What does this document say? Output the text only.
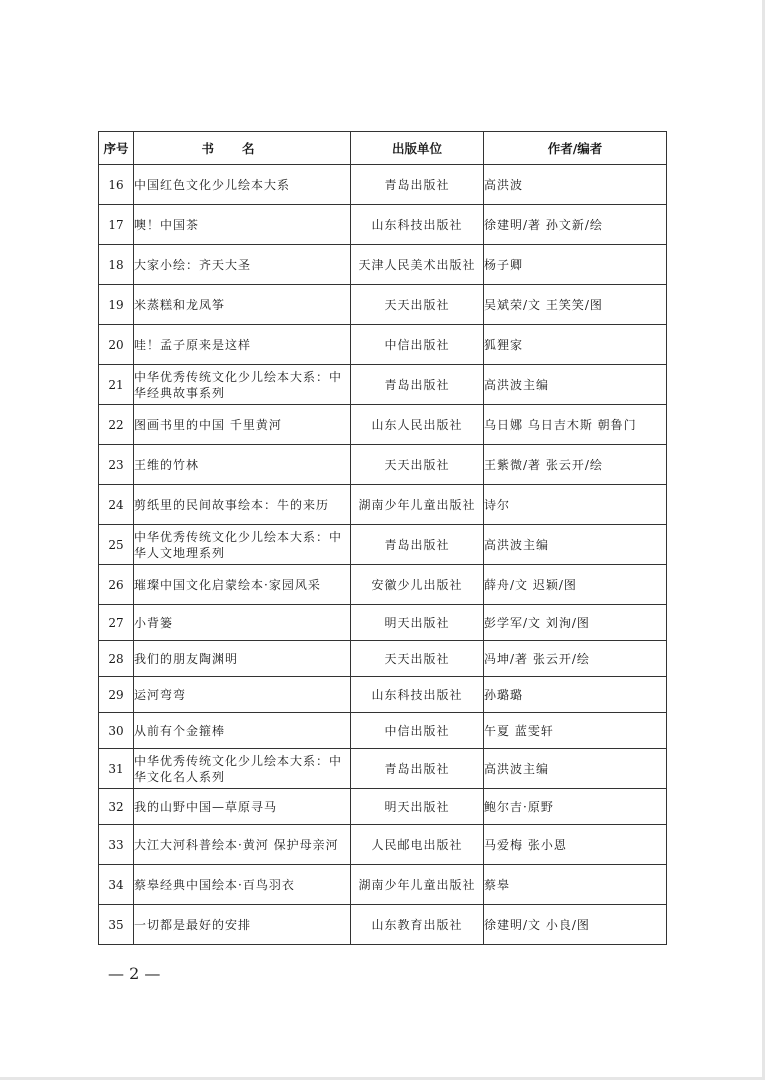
序号	书名	出版单位	作者/编者
16	中国红色文化少儿绘本大系	青岛出版社	高洪波
17	噢！中国茶	山东科技出版社	徐建明/著 孙文新/绘
18	大家小绘：齐天大圣	天津人民美术出版社	杨子卿
19	米蒸糕和龙凤筝	天天出版社	吴斌荣/文 王笑笑/图
20	哇！孟子原来是这样	中信出版社	狐狸家
21	中华优秀传统文化少儿绘本大系：中华经典故事系列	青岛出版社	高洪波主编
22	图画书里的中国 千里黄河	山东人民出版社	乌日娜 乌日吉木斯 朝鲁门
23	王维的竹林	天天出版社	王紫微/著 张云开/绘
24	剪纸里的民间故事绘本：牛的来历	湖南少年儿童出版社	诗尔
25	中华优秀传统文化少儿绘本大系：中华人文地理系列	青岛出版社	高洪波主编
26	璀璨中国文化启蒙绘本·家园风采	安徽少儿出版社	薛舟/文 迟颖/图
27	小背篓	明天出版社	彭学军/文 刘洵/图
28	我们的朋友陶渊明	天天出版社	冯坤/著 张云开/绘
29	运河弯弯	山东科技出版社	孙璐璐
30	从前有个金箍棒	中信出版社	午夏 蓝雯轩
31	中华优秀传统文化少儿绘本大系：中华文化名人系列	青岛出版社	高洪波主编
32	我的山野中国—草原寻马	明天出版社	鲍尔吉·原野
33	大江大河科普绘本·黄河 保护母亲河	人民邮电出版社	马爱梅 张小恩
34	蔡皋经典中国绘本·百鸟羽衣	湖南少年儿童出版社	蔡皋
35	一切都是最好的安排	山东教育出版社	徐建明/文 小良/图
— 2 —
